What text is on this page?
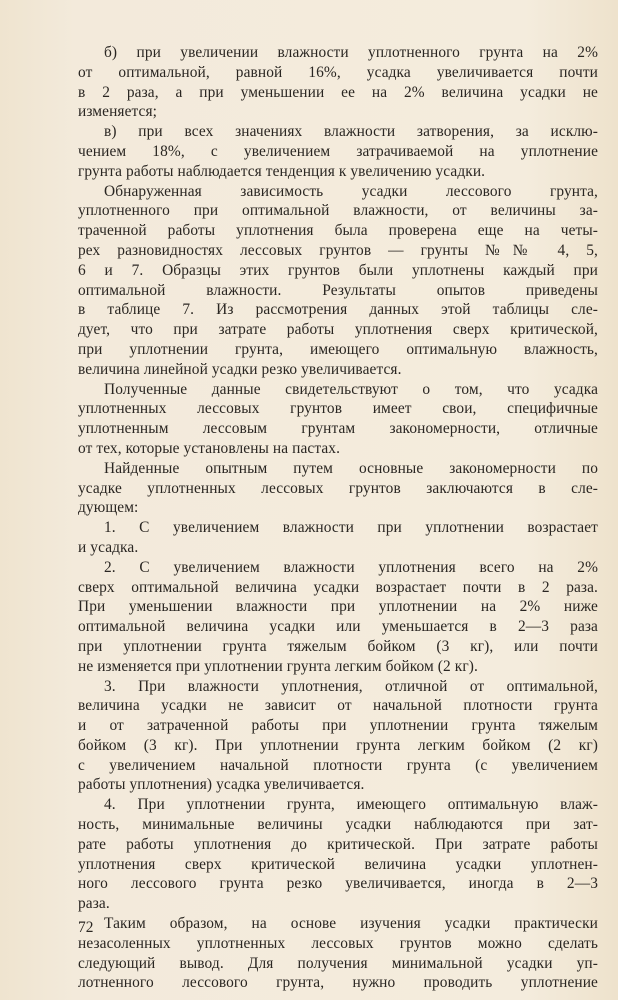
б) при увеличении влажности уплотненного грунта на 2%
от оптимальной, равной 16%, усадка увеличивается почти
в 2 раза, а при уменьшении ее на 2% величина усадки не
изменяется;
в) при всех значениях влажности затворения, за исклю-
чением 18%, с увеличением затрачиваемой на уплотнение
грунта работы наблюдается тенденция к увеличению усадки.
Обнаруженная зависимость усадки лессового грунта,
уплотненного при оптимальной влажности, от величины за-
траченной работы уплотнения была проверена еще на четы-
рех разновидностях лессовых грунтов — грунты №№ 4, 5,
6 и 7. Образцы этих грунтов были уплотнены каждый при
оптимальной влажности. Результаты опытов приведены
в таблице 7. Из рассмотрения данных этой таблицы сле-
дует, что при затрате работы уплотнения сверх критической,
при уплотнении грунта, имеющего оптимальную влажность,
величина линейной усадки резко увеличивается.
Полученные данные свидетельствуют о том, что усадка
уплотненных лессовых грунтов имеет свои, специфичные
уплотненным лессовым грунтам закономерности, отличные
от тех, которые установлены на пастах.
Найденные опытным путем основные закономерности по
усадке уплотненных лессовых грунтов заключаются в сле-
дующем:
1. С увеличением влажности при уплотнении возрастает
и усадка.
2. С увеличением влажности уплотнения всего на 2%
сверх оптимальной величина усадки возрастает почти в 2 раза.
При уменьшении влажности при уплотнении на 2% ниже
оптимальной величина усадки или уменьшается в 2—3 раза
при уплотнении грунта тяжелым бойком (3 кг), или почти
не изменяется при уплотнении грунта легким бойком (2 кг).
3. При влажности уплотнения, отличной от оптимальной,
величина усадки не зависит от начальной плотности грунта
и от затраченной работы при уплотнении грунта тяжелым
бойком (3 кг). При уплотнении грунта легким бойком (2 кг)
с увеличением начальной плотности грунта (с увеличением
работы уплотнения) усадка увеличивается.
4. При уплотнении грунта, имеющего оптимальную влаж-
ность, минимальные величины усадки наблюдаются при зат-
рате работы уплотнения до критической. При затрате работы
уплотнения сверх критической величина усадки уплотнен-
ного лессового грунта резко увеличивается, иногда в 2—3
раза.
Таким образом, на основе изучения усадки практически
незасоленных уплотненных лессовых грунтов можно сделать
следующий вывод. Для получения минимальной усадки уп-
лотненного лессового грунта, нужно проводить уплотнение
72
